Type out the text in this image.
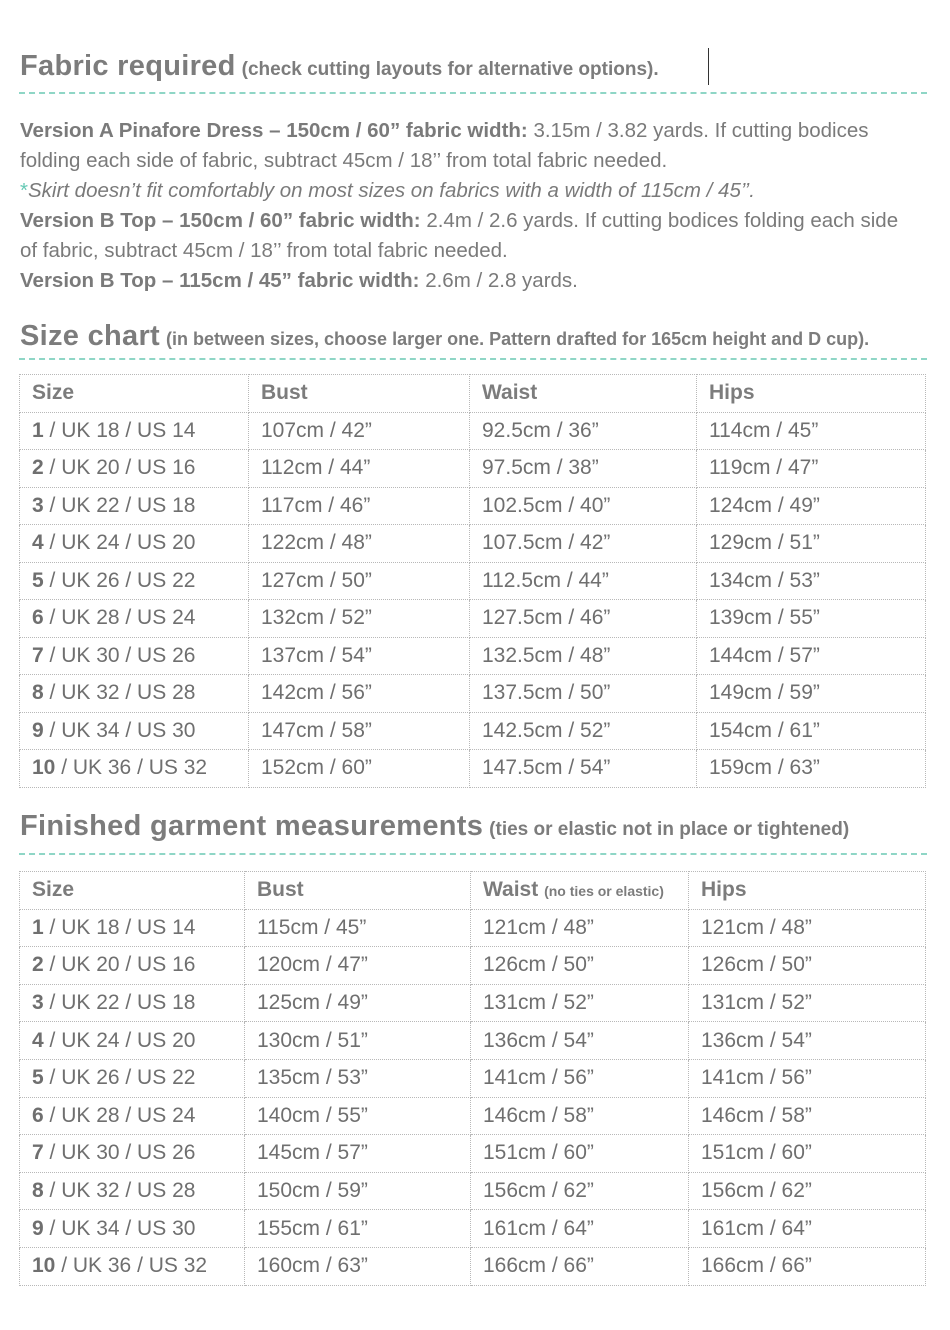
Fabric required (check cutting layouts for alternative options).

Version A Pinafore Dress – 150cm / 60” fabric width: 3.15m / 3.82 yards. If cutting bodices folding each side of fabric, subtract 45cm / 18’’ from total fabric needed.

*Skirt doesn’t fit comfortably on most sizes on fabrics with a width of 115cm / 45’’.

Version B Top – 150cm / 60” fabric width: 2.4m / 2.6 yards. If cutting bodices folding each side of fabric, subtract 45cm / 18’’ from total fabric needed.

Version B Top – 115cm / 45” fabric width: 2.6m / 2.8 yards.

Size chart (in between sizes, choose larger one. Pattern drafted for 165cm height and D cup).
Size	Bust	Waist	Hips
1 / UK 18 / US 14	107cm / 42”	92.5cm / 36”	114cm / 45”
2 / UK 20 / US 16	112cm / 44”	97.5cm / 38”	119cm / 47”
3 / UK 22 / US 18	117cm / 46”	102.5cm / 40”	124cm / 49”
4 / UK 24 / US 20	122cm / 48”	107.5cm / 42”	129cm / 51”
5 / UK 26 / US 22	127cm / 50”	112.5cm / 44”	134cm / 53”
6 / UK 28 / US 24	132cm / 52”	127.5cm / 46”	139cm / 55”
7 / UK 30 / US 26	137cm / 54”	132.5cm / 48”	144cm / 57”
8 / UK 32 / US 28	142cm / 56”	137.5cm / 50”	149cm / 59”
9 / UK 34 / US 30	147cm / 58”	142.5cm / 52”	154cm / 61”
10 / UK 36 / US 32	152cm / 60”	147.5cm / 54”	159cm / 63”
Finished garment measurements (ties or elastic not in place or tightened)
Size	Bust	Waist (no ties or elastic)	Hips
1 / UK 18 / US 14	115cm / 45”	121cm / 48”	121cm / 48”
2 / UK 20 / US 16	120cm / 47”	126cm / 50”	126cm / 50”
3 / UK 22 / US 18	125cm / 49”	131cm / 52”	131cm / 52”
4 / UK 24 / US 20	130cm / 51”	136cm / 54”	136cm / 54”
5 / UK 26 / US 22	135cm / 53”	141cm / 56”	141cm / 56”
6 / UK 28 / US 24	140cm / 55”	146cm / 58”	146cm / 58”
7 / UK 30 / US 26	145cm / 57”	151cm / 60”	151cm / 60”
8 / UK 32 / US 28	150cm / 59”	156cm / 62”	156cm / 62”
9 / UK 34 / US 30	155cm / 61”	161cm / 64”	161cm / 64”
10 / UK 36 / US 32	160cm / 63”	166cm / 66”	166cm / 66”
